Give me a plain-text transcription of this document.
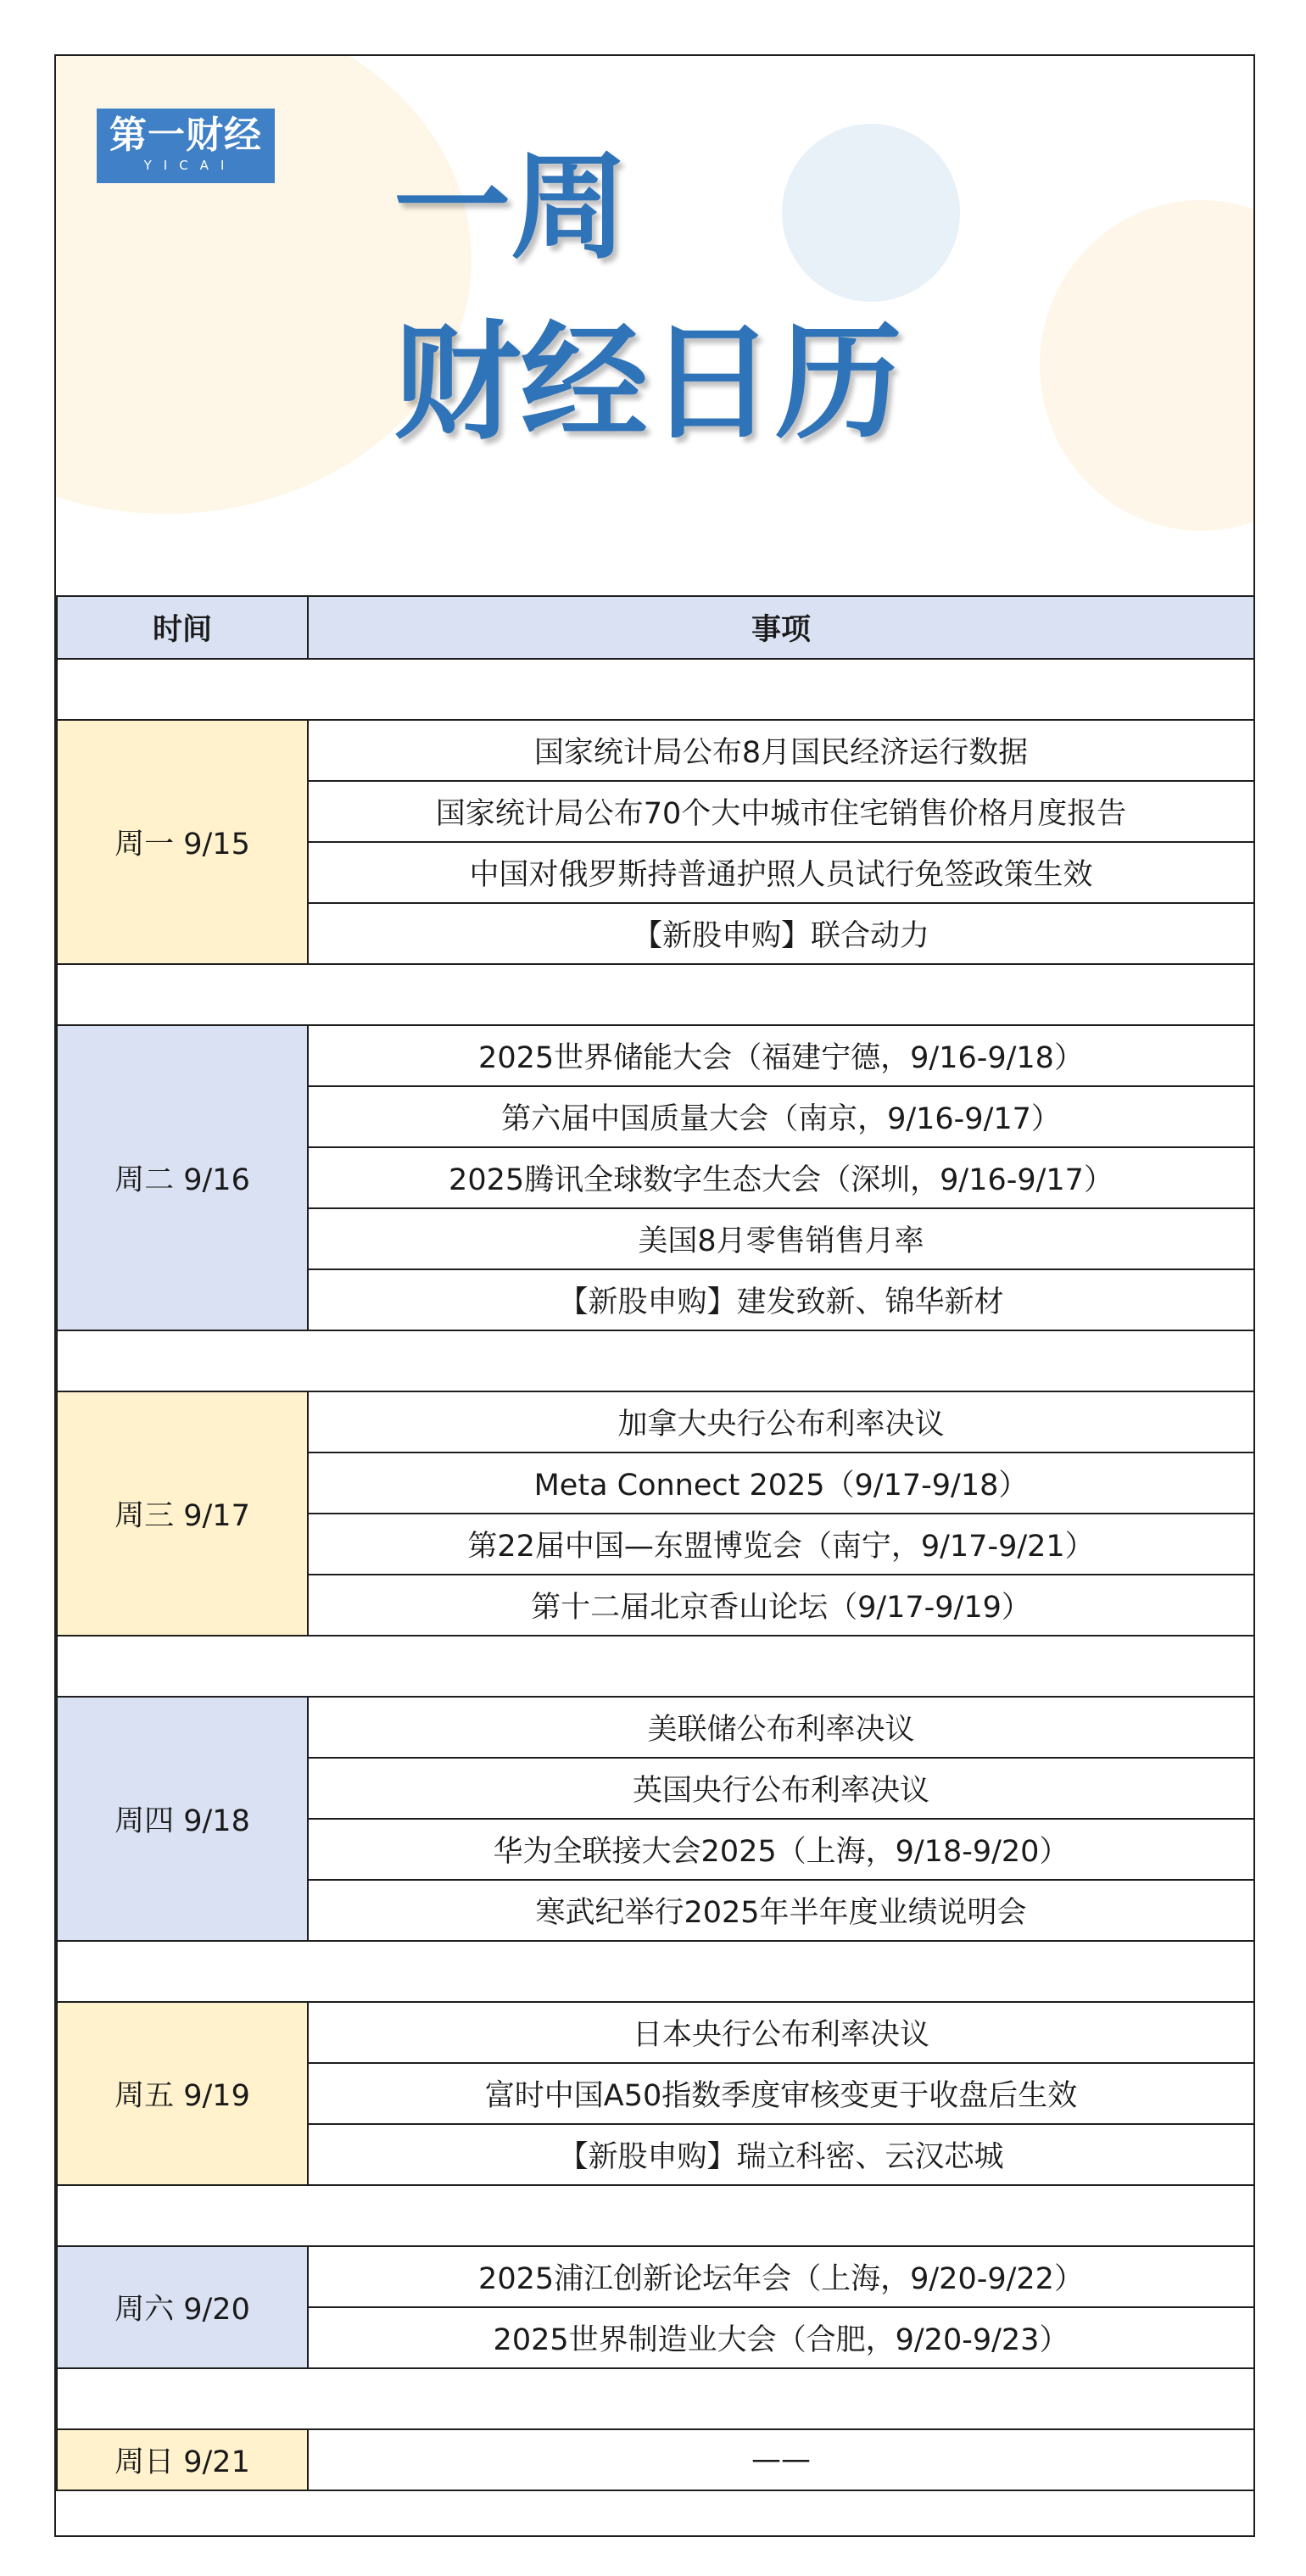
第一财经
YICAI	一周
财经日历
时间	事项

周一 9/15	国家统计局公布8月国民经济运行数据
	国家统计局公布70个大中城市住宅销售价格月度报告
	中国对俄罗斯持普通护照人员试行免签政策生效
	【新股申购】联合动力

周二 9/16	2025世界储能大会（福建宁德，9/16-9/18）
	第六届中国质量大会（南京，9/16-9/17）
	2025腾讯全球数字生态大会（深圳，9/16-9/17）
	美国8月零售销售月率
	【新股申购】建发致新、锦华新材

周三 9/17	加拿大央行公布利率决议
	Meta Connect 2025（9/17-9/18）
	第22届中国—东盟博览会（南宁，9/17-9/21）
	第十二届北京香山论坛（9/17-9/19）

周四 9/18	美联储公布利率决议
	英国央行公布利率决议
	华为全联接大会2025（上海，9/18-9/20）
	寒武纪举行2025年半年度业绩说明会

周五 9/19	日本央行公布利率决议
	富时中国A50指数季度审核变更于收盘后生效
	【新股申购】瑞立科密、云汉芯城

周六 9/20	2025浦江创新论坛年会（上海，9/20-9/22）
	2025世界制造业大会（合肥，9/20-9/23）

周日 9/21	——
